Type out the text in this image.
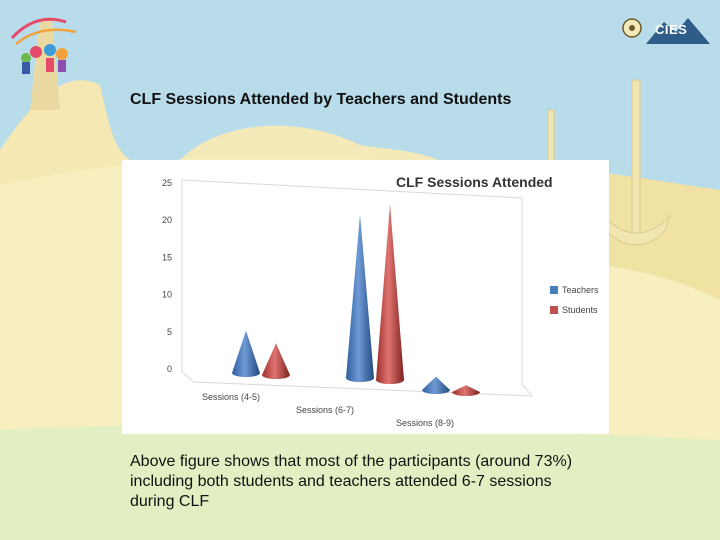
CIES
CLF Sessions Attended by Teachers and Students
0
5
10
15
20
25
Sessions (4-5)
Sessions (6-7)
Sessions (8-9)
Teachers
Students
CLF Sessions Attended
Above figure shows that most of the participants (around 73%) including both students and teachers attended 6-7 sessions during CLF
